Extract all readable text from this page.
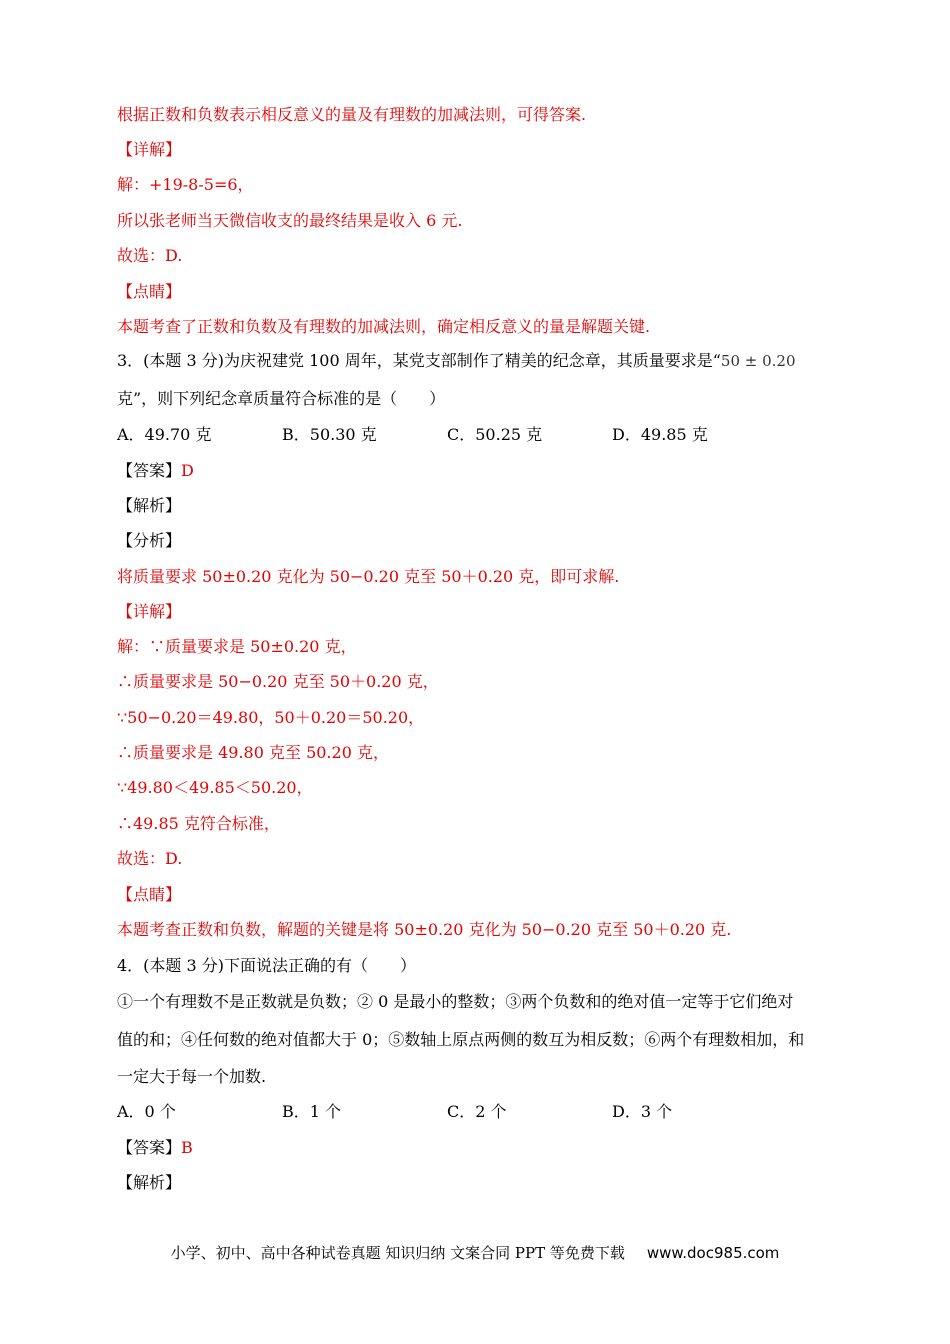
根据正数和负数表示相反意义的量及有理数的加减法则，可得答案.
【详解】
解：+19-8-5=6，
所以张老师当天微信收支的最终结果是收入 6 元.
故选：D.
【点睛】
本题考查了正数和负数及有理数的加减法则，确定相反意义的量是解题关键.
3．(本题 3 分)为庆祝建党 100 周年，某党支部制作了精美的纪念章，其质量要求是“50 ± 0.20
克”，则下列纪念章质量符合标准的是（　　）
A．49.70 克	B．50.30 克	C．50.25 克	D．49.85 克
【答案】D
【解析】
【分析】
将质量要求 50±0.20 克化为 50−0.20 克至 50＋0.20 克，即可求解.
【详解】
解：∵质量要求是 50±0.20 克，
∴质量要求是 50−0.20 克至 50＋0.20 克，
∵50−0.20＝49.80，50＋0.20＝50.20，
∴质量要求是 49.80 克至 50.20 克，
∵49.80＜49.85＜50.20，
∴49.85 克符合标准，
故选：D.
【点睛】
本题考查正数和负数，解题的关键是将 50±0.20 克化为 50−0.20 克至 50＋0.20 克.
4．(本题 3 分)下面说法正确的有（　　）
①一个有理数不是正数就是负数；② 0 是最小的整数；③两个负数和的绝对值一定等于它们绝对
值的和；④任何数的绝对值都大于 0；⑤数轴上原点两侧的数互为相反数；⑥两个有理数相加，和
一定大于每一个加数.
A．0 个	B．1 个	C．2 个	D．3 个
【答案】B
【解析】
小学、初中、高中各种试卷真题 知识归纳 文案合同 PPT 等免费下载 www.doc985.com
